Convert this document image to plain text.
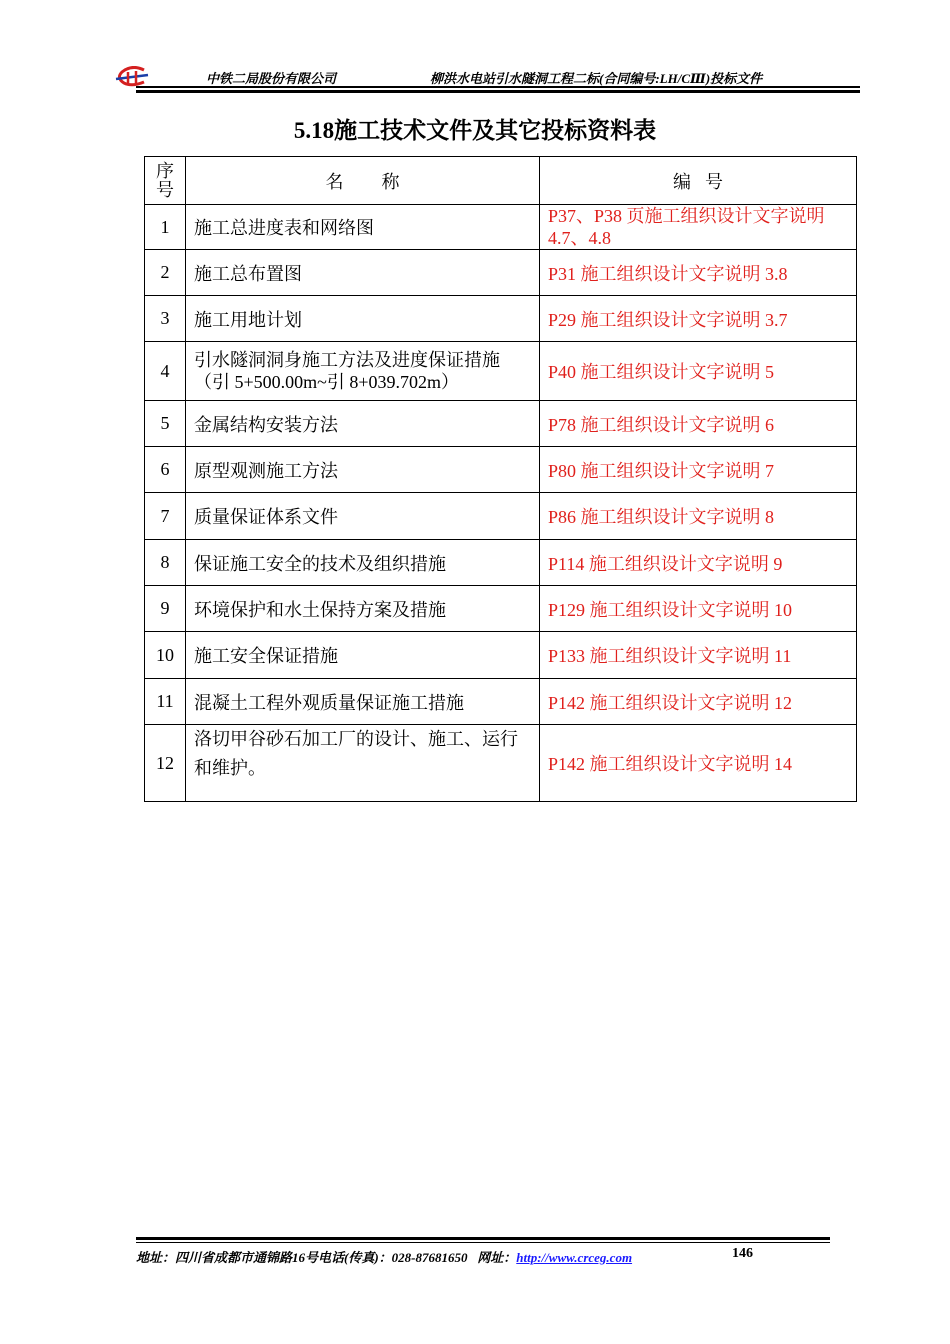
中铁二局股份有限公司	柳洪水电站引水隧洞工程二标(合同编号:LH/CⅢ)投标文件
5.18施工技术文件及其它投标资料表
序
号	名 称	编 号
1	施工总进度表和网络图	P37、P38 页施工组织设计文字说明
4.7、4.8
2	施工总布置图	P31 施工组织设计文字说明 3.8
3	施工用地计划	P29 施工组织设计文字说明 3.7
4	引水隧洞洞身施工方法及进度保证措施
（引 5+500.00m~引 8+039.702m）	P40 施工组织设计文字说明 5
5	金属结构安装方法	P78 施工组织设计文字说明 6
6	原型观测施工方法	P80 施工组织设计文字说明 7
7	质量保证体系文件	P86 施工组织设计文字说明 8
8	保证施工安全的技术及组织措施	P114 施工组织设计文字说明 9
9	环境保护和水土保持方案及措施	P129 施工组织设计文字说明 10
10	施工安全保证措施	P133 施工组织设计文字说明 11
11	混凝土工程外观质量保证施工措施	P142 施工组织设计文字说明 12
12	洛切甲谷砂石加工厂的设计、施工、运行
和维护。	P142 施工组织设计文字说明 14
地址：四川省成都市通锦路16号电话(传真)：028-87681650 网址：http://www.crceg.com	146
